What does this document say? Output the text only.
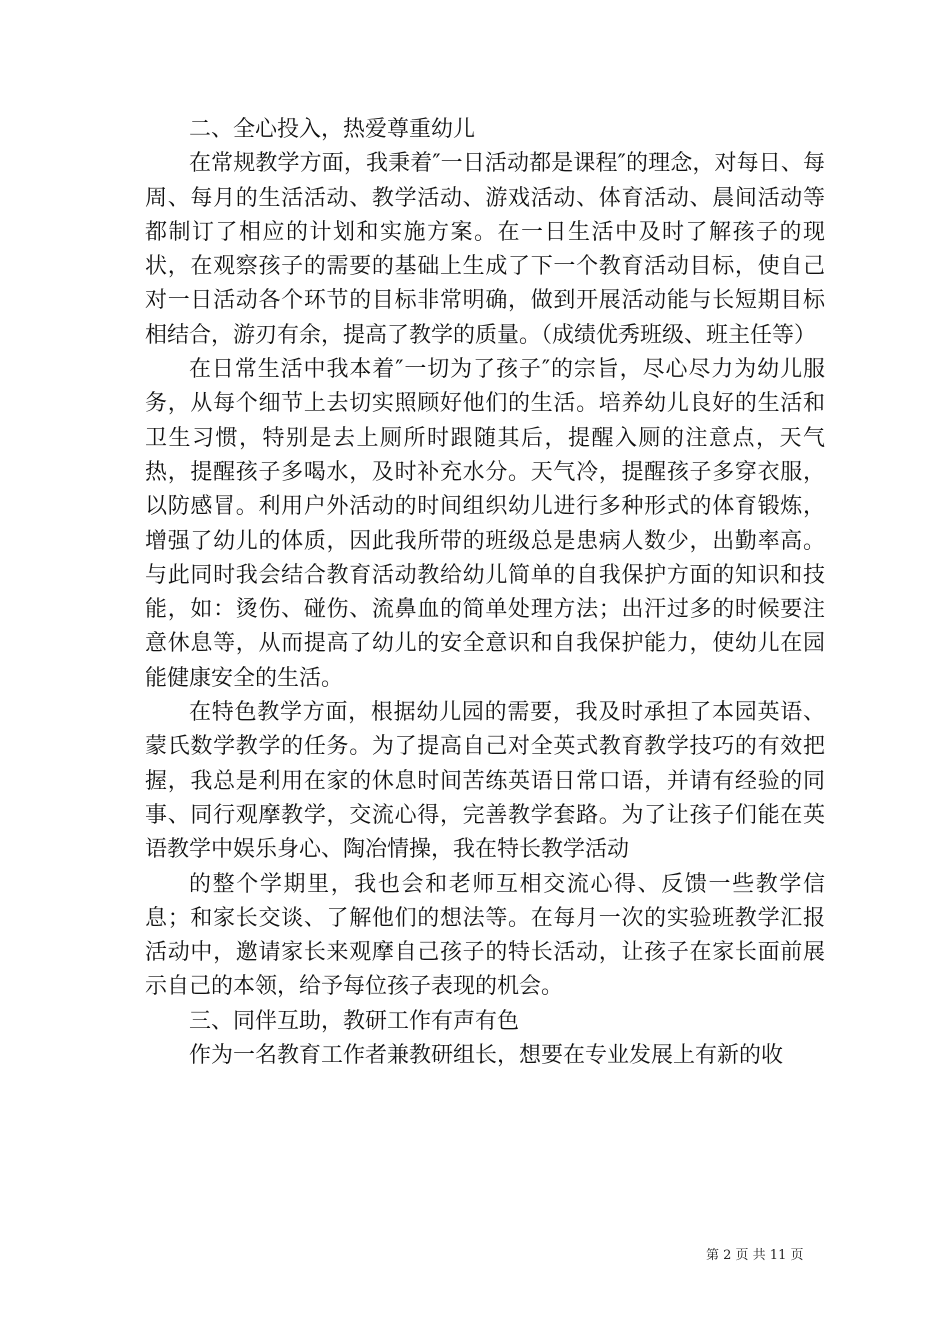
二、全心投入，热爱尊重幼儿

在常规教学方面，我秉着″一日活动都是课程″的理念，对每日、每周、每月的生活活动、教学活动、游戏活动、体育活动、晨间活动等都制订了相应的计划和实施方案。在一日生活中及时了解孩子的现状，在观察孩子的需要的基础上生成了下一个教育活动目标，使自己对一日活动各个环节的目标非常明确，做到开展活动能与长短期目标相结合，游刃有余，提高了教学的质量。（成绩优秀班级、班主任等）

在日常生活中我本着″一切为了孩子″的宗旨，尽心尽力为幼儿服务，从每个细节上去切实照顾好他们的生活。培养幼儿良好的生活和卫生习惯，特别是去上厕所时跟随其后，提醒入厕的注意点，天气热，提醒孩子多喝水，及时补充水分。天气冷，提醒孩子多穿衣服，以防感冒。利用户外活动的时间组织幼儿进行多种形式的体育锻炼，增强了幼儿的体质，因此我所带的班级总是患病人数少，出勤率高。与此同时我会结合教育活动教给幼儿简单的自我保护方面的知识和技能，如：烫伤、碰伤、流鼻血的简单处理方法；出汗过多的时候要注意休息等，从而提高了幼儿的安全意识和自我保护能力，使幼儿在园能健康安全的生活。

在特色教学方面，根据幼儿园的需要，我及时承担了本园英语、蒙氏数学教学的任务。为了提高自己对全英式教育教学技巧的有效把握，我总是利用在家的休息时间苦练英语日常口语，并请有经验的同事、同行观摩教学，交流心得，完善教学套路。为了让孩子们能在英语教学中娱乐身心、陶冶情操，我在特长教学活动

的整个学期里，我也会和老师互相交流心得、反馈一些教学信息；和家长交谈、了解他们的想法等。在每月一次的实验班教学汇报活动中，邀请家长来观摩自己孩子的特长活动，让孩子在家长面前展示自己的本领，给予每位孩子表现的机会。

三、同伴互助，教研工作有声有色

作为一名教育工作者兼教研组长，想要在专业发展上有新的收

第 2 页 共 11 页
